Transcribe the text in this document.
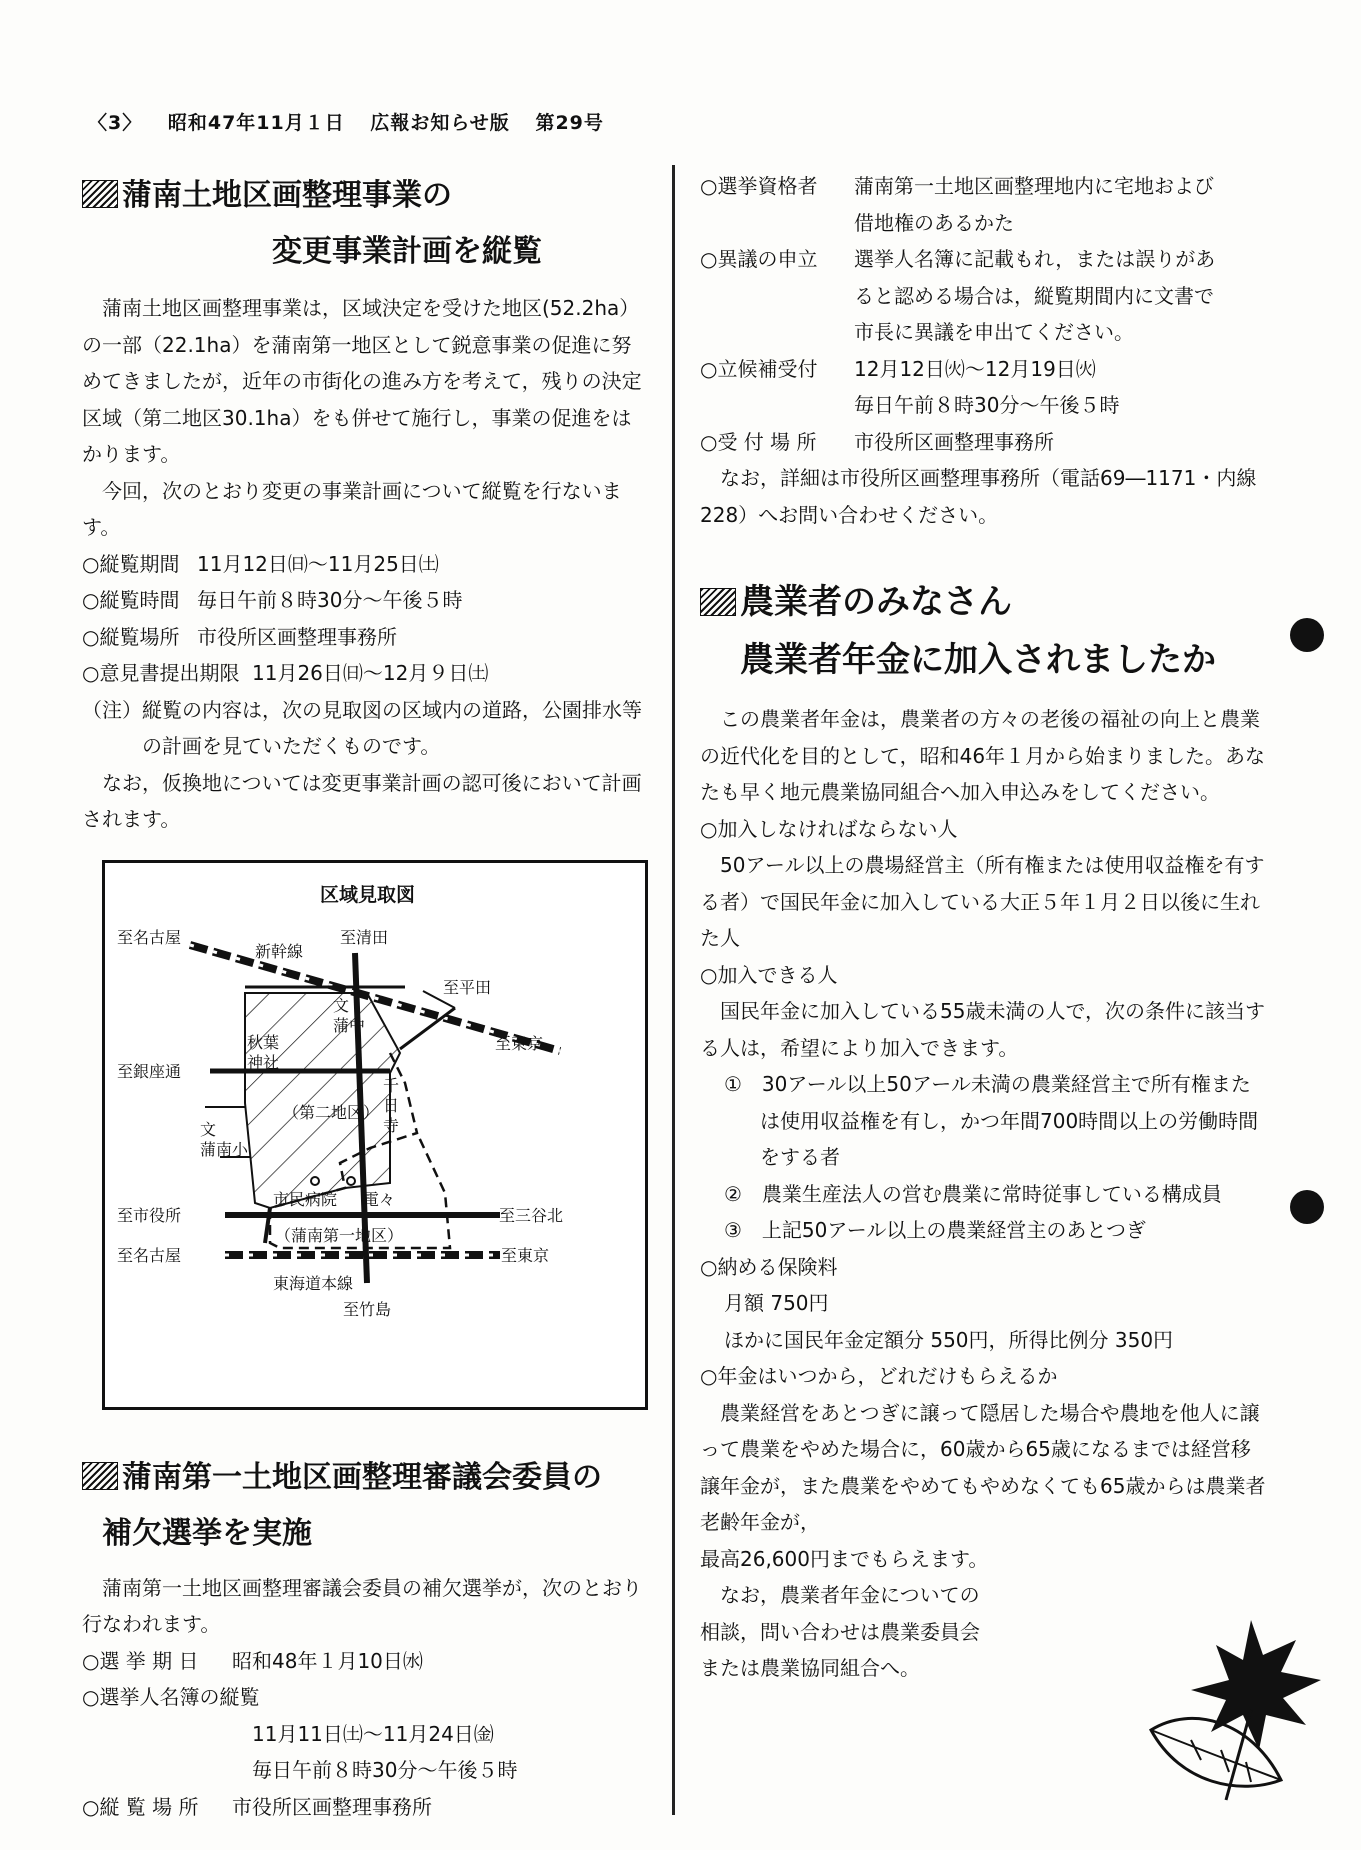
〈3〉 昭和47年11月１日 広報お知らせ版 第29号
蒲南土地区画整理事業の
変更事業計画を縦覧

蒲南土地区画整理事業は，区域決定を受けた地区(52.2ha）の一部（22.1ha）を蒲南第一地区として鋭意事業の促進に努めてきましたが，近年の市街化の進み方を考えて，残りの決定区域（第二地区30.1ha）をも併せて施行し，事業の促進をはかります。

今回，次のとおり変更の事業計画について縦覧を行ないます。

○縦覧期間 11月12日㈰～11月25日㈯
○縦覧時間 毎日午前８時30分～午後５時
○縦覧場所 市役所区画整理事務所
○意見書提出期限 11月26日㈰～12月９日㈯
（注）縦覧の内容は，次の見取図の区域内の道路，公園排水等の計画を見ていただくものです。

なお，仮換地については変更事業計画の認可後において計画されます。

区域見取図
至名古屋
新幹線
至清田
至平田
至東京
秋葉神社
文蒲中
至銀座通
千日寺
文蒲南小
（第二地区）
市民病院 電々
至市役所	至三谷北
（蒲南第一地区）
至名古屋	至東京
東海道本線
至竹島
蒲南第一土地区画整理審議会委員の
補欠選挙を実施

蒲南第一土地区画整理審議会委員の補欠選挙が，次のとおり行なわれます。

○選 挙 期 日 昭和48年１月10日㈬
○選挙人名簿の縦覧
11月11日㈯～11月24日㈮
毎日午前８時30分～午後５時
○縦 覧 場 所 市役所区画整理事務所
○選挙資格者 蒲南第一土地区画整理地内に宅地および
借地権のあるかた
○異議の申立 選挙人名簿に記載もれ，または誤りがあ
ると認める場合は，縦覧期間内に文書で
市長に異議を申出てください。
○立候補受付 12月12日㈫～12月19日㈫
毎日午前８時30分～午後５時
○受 付 場 所 市役所区画整理事務所

なお，詳細は市役所区画整理事務所（電話69―1171・内線 228）へお問い合わせください。

農業者のみなさん
農業者年金に加入されましたか

この農業者年金は，農業者の方々の老後の福祉の向上と農業の近代化を目的として，昭和46年１月から始まりました。あなたも早く地元農業協同組合へ加入申込みをしてください。

○加入しなければならない人

50アール以上の農場経営主（所有権または使用収益権を有する者）で国民年金に加入している大正５年１月２日以後に生れた人

○加入できる人

国民年金に加入している55歳未満の人で，次の条件に該当する人は，希望により加入できます。

①　30アール以上50アール未満の農業経営主で所有権または使用収益権を有し，かつ年間700時間以上の労働時間をする者
②　農業生産法人の営む農業に常時従事している構成員
③　上記50アール以上の農業経営主のあとつぎ
○納める保険料
月額 750円
ほかに国民年金定額分 550円，所得比例分 350円
○年金はいつから，どれだけもらえるか

農業経営をあとつぎに譲って隠居した場合や農地を他人に譲って農業をやめた場合に，60歳から65歳になるまでは経営移譲年金が，また農業をやめてもやめなくても65歳からは農業者老齢年金が，

最高26,600円までもらえます。
なお，農業者年金についての
相談，問い合わせは農業委員会
または農業協同組合へ。
